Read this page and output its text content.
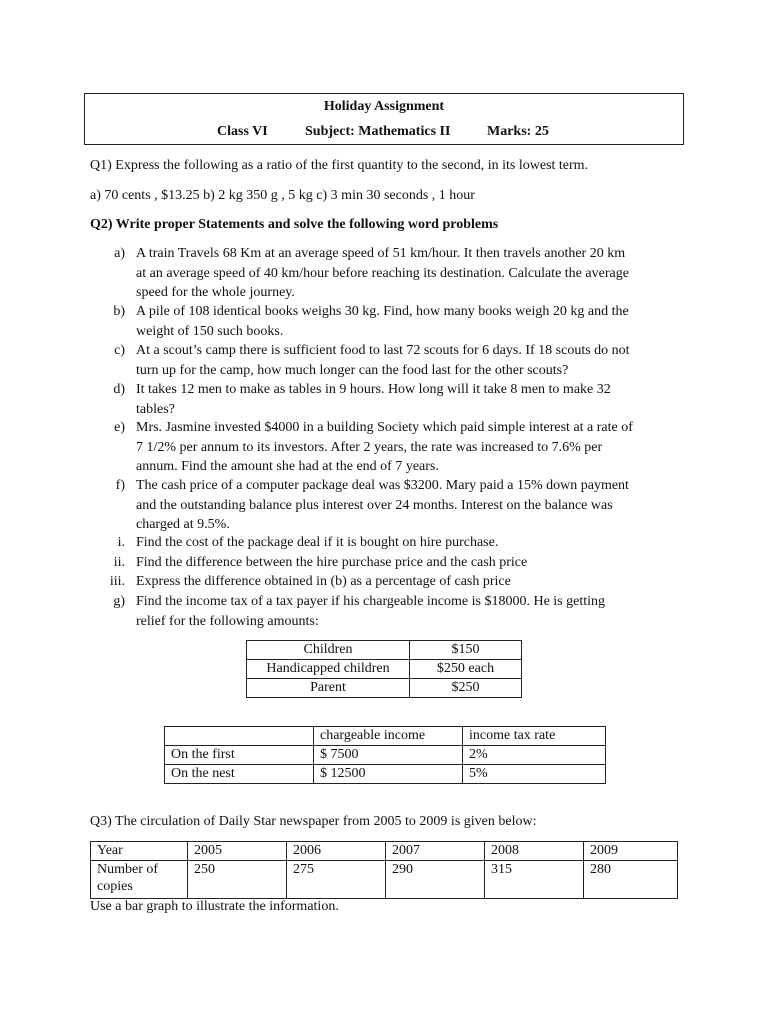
Holiday Assignment
Class VI	Subject: Mathematics II	Marks: 25
Q1) Express the following as a ratio of the first quantity to the second, in its lowest term.
a) 70 cents , $13.25 b) 2 kg 350 g , 5 kg c) 3 min 30 seconds , 1 hour
Q2) Write proper Statements and solve the following word problems
a) A train Travels 68 Km at an average speed of 51 km/hour. It then travels another 20 km
at an average speed of 40 km/hour before reaching its destination. Calculate the average
speed for the whole journey.
b) A pile of 108 identical books weighs 30 kg. Find, how many books weigh 20 kg and the
weight of 150 such books.
c) At a scout’s camp there is sufficient food to last 72 scouts for 6 days. If 18 scouts do not
turn up for the camp, how much longer can the food last for the other scouts?
d) It takes 12 men to make as tables in 9 hours. How long will it take 8 men to make 32
tables?
e) Mrs. Jasmine invested $4000 in a building Society which paid simple interest at a rate of
7 1/2% per annum to its investors. After 2 years, the rate was increased to 7.6% per
annum. Find the amount she had at the end of 7 years.
f) The cash price of a computer package deal was $3200. Mary paid a 15% down payment
and the outstanding balance plus interest over 24 months. Interest on the balance was
charged at 9.5%.
i. Find the cost of the package deal if it is bought on hire purchase.
ii. Find the difference between the hire purchase price and the cash price
iii. Express the difference obtained in (b) as a percentage of cash price
g) Find the income tax of a tax payer if his chargeable income is $18000. He is getting
relief for the following amounts:
Children	$150
Handicapped children	$250 each
Parent	$250
	chargeable income	income tax rate
On the first	$ 7500	2%
On the nest	$ 12500	5%
Q3) The circulation of Daily Star newspaper from 2005 to 2009 is given below:
Year	2005	2006	2007	2008	2009

Number of
copies	250	275	290	315	280
Use a bar graph to illustrate the information.
